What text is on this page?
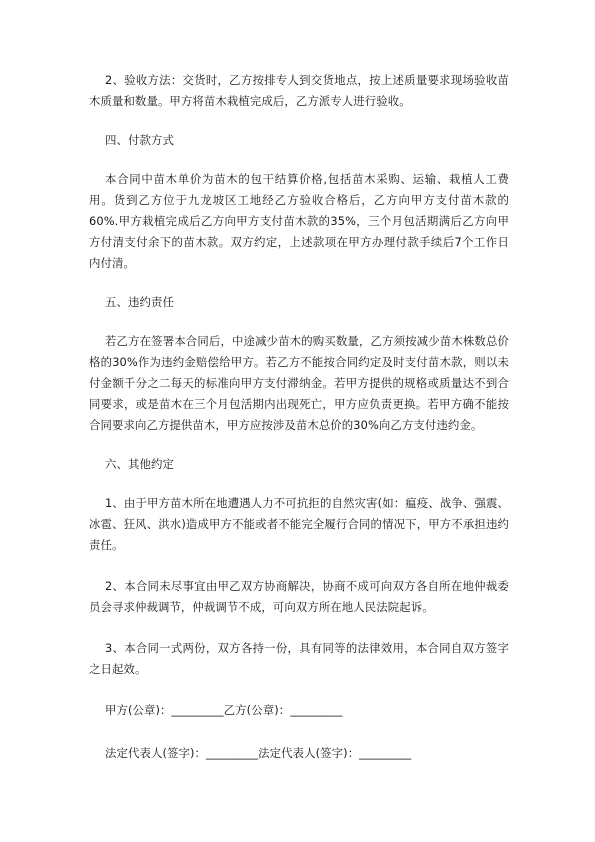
2、验收方法：交货时，乙方按排专人到交货地点，按上述质量要求现场验收苗木质量和数量。甲方将苗木栽植完成后，乙方派专人进行验收。

四、付款方式

本合同中苗木单价为苗木的包干结算价格,包括苗木采购、运输、栽植人工费用。货到乙方位于九龙坡区工地经乙方验收合格后，乙方向甲方支付苗木款的60%.甲方栽植完成后乙方向甲方支付苗木款的35%，三个月包活期满后乙方向甲方付清支付余下的苗木款。双方约定，上述款项在甲方办理付款手续后7个工作日内付清。

五、违约责任

若乙方在签署本合同后，中途减少苗木的购买数量，乙方须按减少苗木株数总价格的30%作为违约金赔偿给甲方。若乙方不能按合同约定及时支付苗木款，则以未付金额千分之二每天的标准向甲方支付滞纳金。若甲方提供的规格或质量达不到合同要求，或是苗木在三个月包活期内出现死亡，甲方应负责更换。若甲方确不能按合同要求向乙方提供苗木，甲方应按涉及苗木总价的30%向乙方支付违约金。

六、其他约定

1、由于甲方苗木所在地遭遇人力不可抗拒的自然灾害(如：瘟疫、战争、强震、冰雹、狂风、洪水)造成甲方不能或者不能完全履行合同的情况下，甲方不承担违约责任。

2、本合同未尽事宜由甲乙双方协商解决，协商不成可向双方各自所在地仲裁委员会寻求仲裁调节，仲裁调节不成，可向双方所在地人民法院起诉。

3、本合同一式两份，双方各持一份，具有同等的法律效用，本合同自双方签字之日起效。

甲方(公章)：_________乙方(公章)：_________

法定代表人(签字)：_________法定代表人(签字)：_________
